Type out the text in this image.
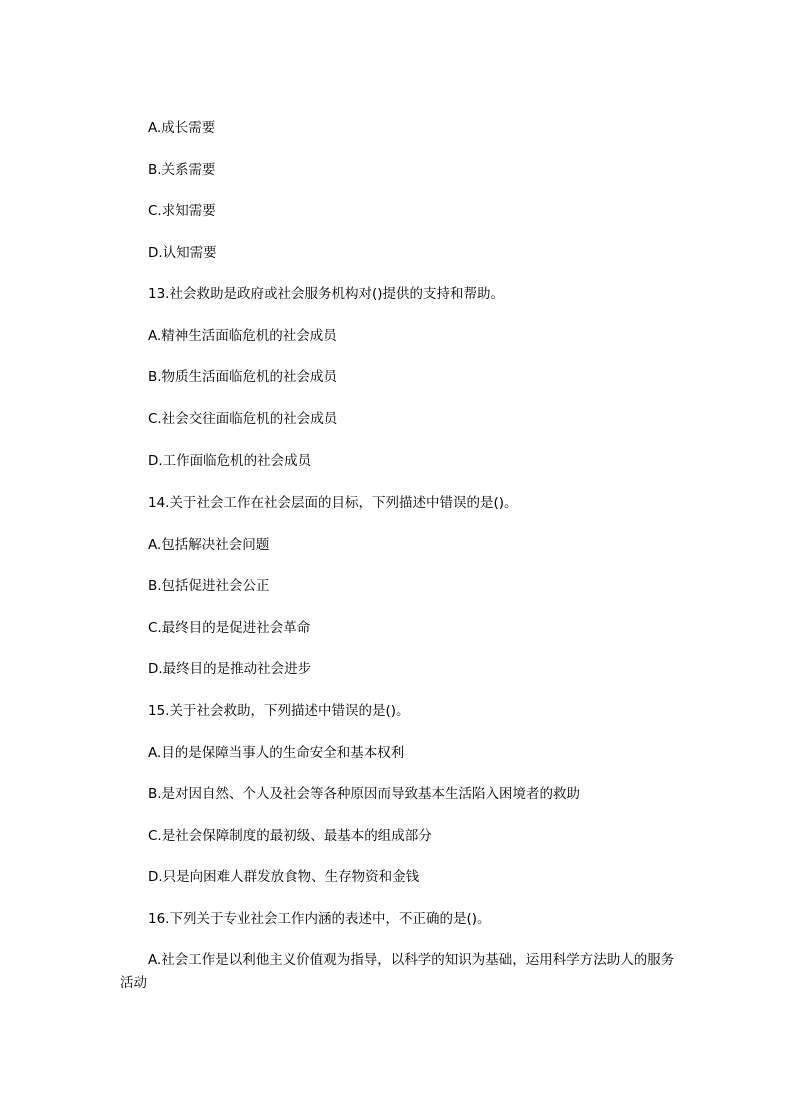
A.成长需要
B.关系需要
C.求知需要
D.认知需要
13.社会救助是政府或社会服务机构对()提供的支持和帮助。
A.精神生活面临危机的社会成员
B.物质生活面临危机的社会成员
C.社会交往面临危机的社会成员
D.工作面临危机的社会成员
14.关于社会工作在社会层面的目标，下列描述中错误的是()。
A.包括解决社会问题
B.包括促进社会公正
C.最终目的是促进社会革命
D.最终目的是推动社会进步
15.关于社会救助，下列描述中错误的是()。
A.目的是保障当事人的生命安全和基本权利
B.是对因自然、个人及社会等各种原因而导致基本生活陷入困境者的救助
C.是社会保障制度的最初级、最基本的组成部分
D.只是向困难人群发放食物、生存物资和金钱
16.下列关于专业社会工作内涵的表述中，不正确的是()。
A.社会工作是以利他主义价值观为指导，以科学的知识为基础，运用科学方法助人的服务活动
